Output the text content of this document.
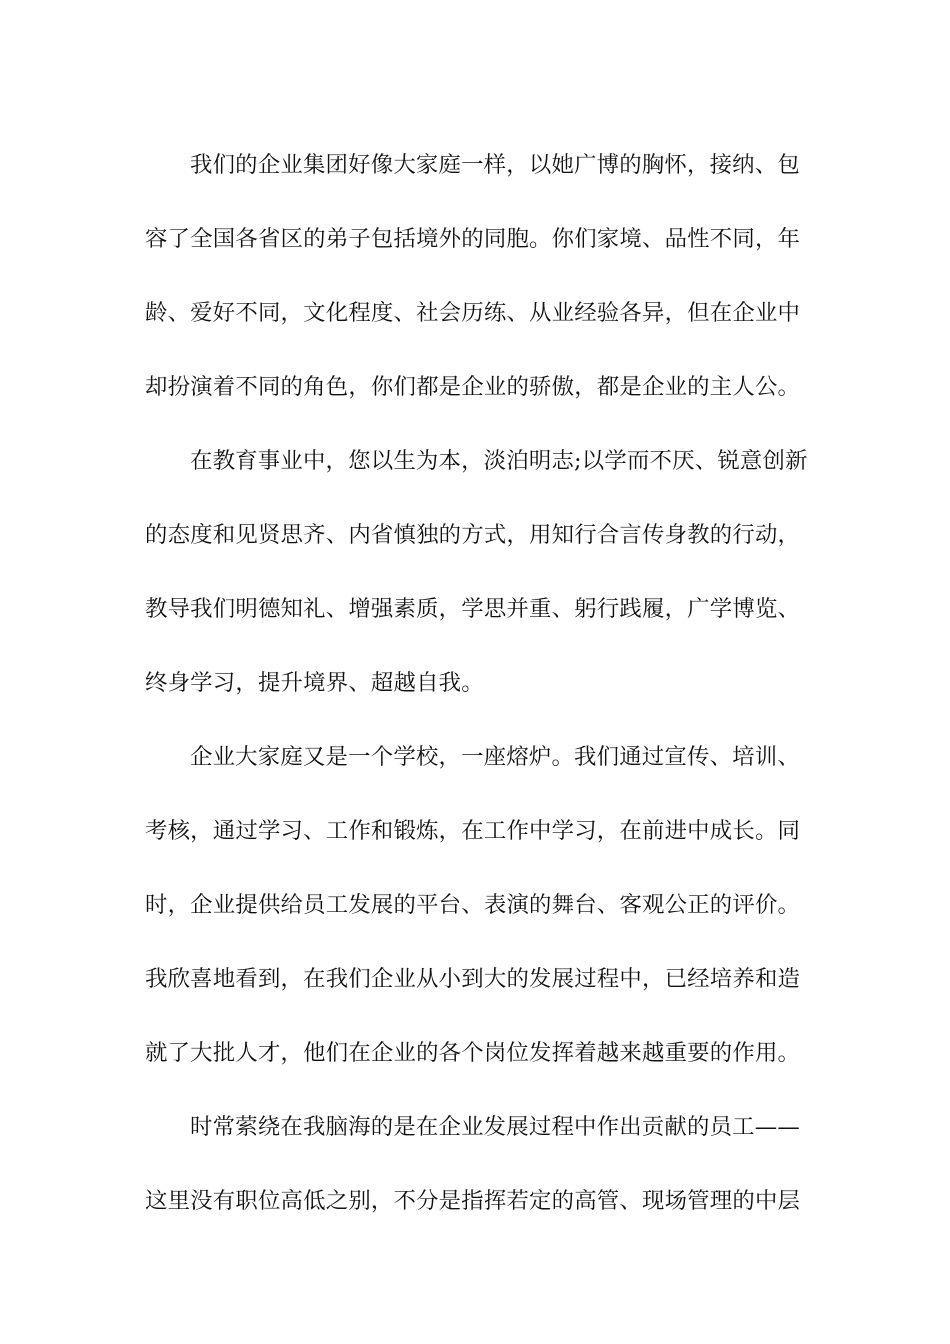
我们的企业集团好像大家庭一样，以她广博的胸怀，接纳、包
容了全国各省区的弟子包括境外的同胞。你们家境、品性不同，年
龄、爱好不同，文化程度、社会历练、从业经验各异，但在企业中
却扮演着不同的角色，你们都是企业的骄傲，都是企业的主人公。
在教育事业中，您以生为本，淡泊明志;以学而不厌、锐意创新
的态度和见贤思齐、内省慎独的方式，用知行合言传身教的行动，
教导我们明德知礼、增强素质，学思并重、躬行践履，广学博览、
终身学习，提升境界、超越自我。
企业大家庭又是一个学校，一座熔炉。我们通过宣传、培训、
考核，通过学习、工作和锻炼，在工作中学习，在前进中成长。同
时，企业提供给员工发展的平台、表演的舞台、客观公正的评价。
我欣喜地看到，在我们企业从小到大的发展过程中，已经培养和造
就了大批人才，他们在企业的各个岗位发挥着越来越重要的作用。
时常萦绕在我脑海的是在企业发展过程中作出贡献的员工——
这里没有职位高低之别，不分是指挥若定的高管、现场管理的中层
